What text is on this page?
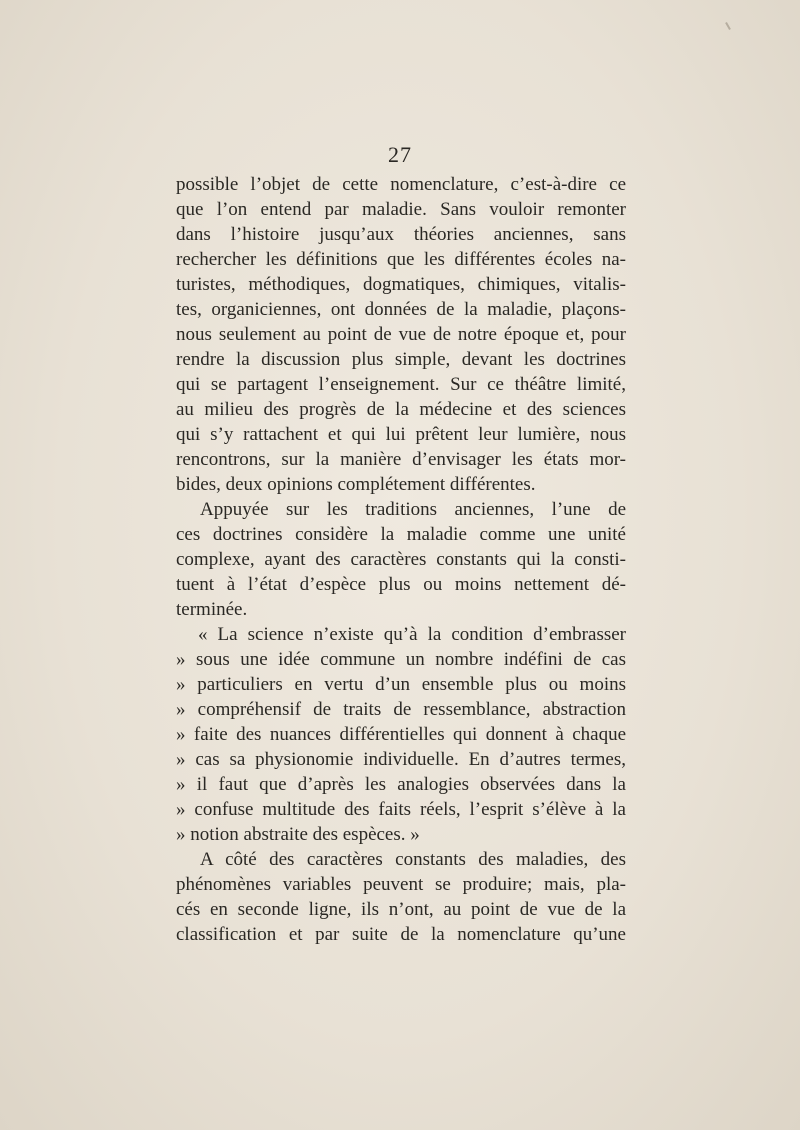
27
possible l’objet de cette nomenclature, c’est-à-dire ce
que l’on entend par maladie. Sans vouloir remonter
dans l’histoire jusqu’aux théories anciennes, sans
rechercher les définitions que les différentes écoles na-
turistes, méthodiques, dogmatiques, chimiques, vitalis-
tes, organiciennes, ont données de la maladie, plaçons-
nous seulement au point de vue de notre époque et, pour
rendre la discussion plus simple, devant les doctrines
qui se partagent l’enseignement. Sur ce théâtre limité,
au milieu des progrès de la médecine et des sciences
qui s’y rattachent et qui lui prêtent leur lumière, nous
rencontrons, sur la manière d’envisager les états mor-
bides, deux opinions complétement différentes.
Appuyée sur les traditions anciennes, l’une de
ces doctrines considère la maladie comme une unité
complexe, ayant des caractères constants qui la consti-
tuent à l’état d’espèce plus ou moins nettement dé-
terminée.
« La science n’existe qu’à la condition d’embrasser
» sous une idée commune un nombre indéfini de cas
» particuliers en vertu d’un ensemble plus ou moins
» compréhensif de traits de ressemblance, abstraction
» faite des nuances différentielles qui donnent à chaque
» cas sa physionomie individuelle. En d’autres termes,
» il faut que d’après les analogies observées dans la
» confuse multitude des faits réels, l’esprit s’élève à la
» notion abstraite des espèces. »
A côté des caractères constants des maladies, des
phénomènes variables peuvent se produire; mais, pla-
cés en seconde ligne, ils n’ont, au point de vue de la
classification et par suite de la nomenclature qu’une
